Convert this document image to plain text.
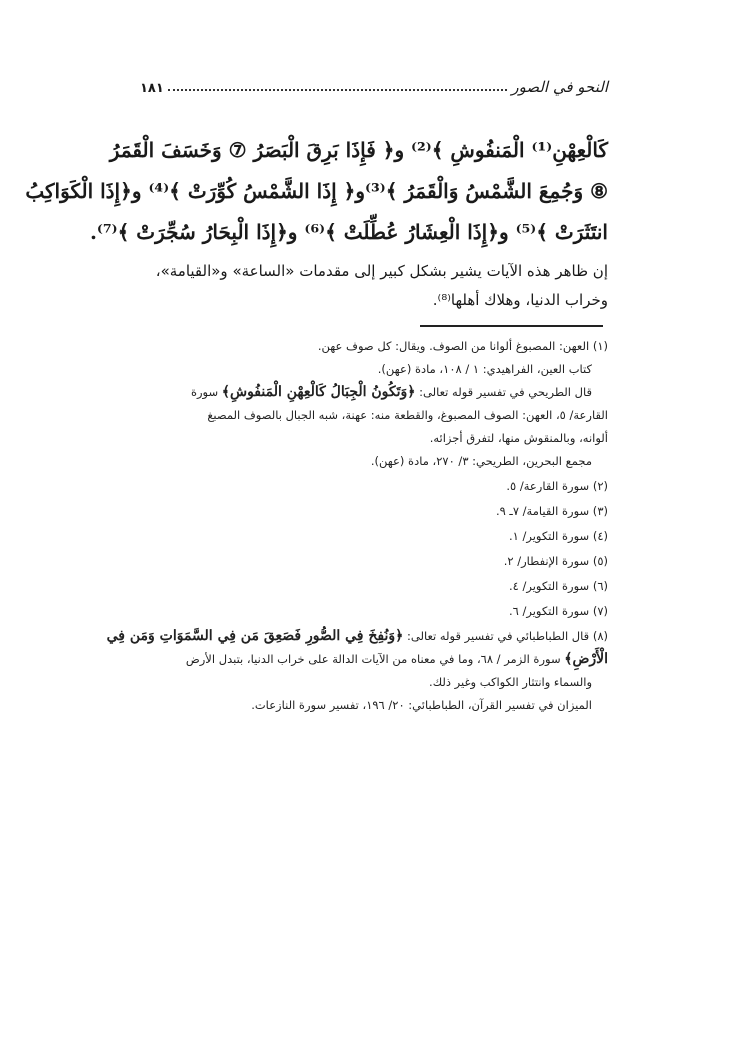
١٨١	النحو في الصور
كَالْعِهْنِ⁽¹⁾ الْمَنفُوشِ ﴾⁽²⁾ و﴿ فَإِذَا بَرِقَ الْبَصَرُ ⑦ وَخَسَفَ الْقَمَرُ
⑧ وَجُمِعَ الشَّمْسُ وَالْقَمَرُ ﴾⁽³⁾و﴿ إِذَا الشَّمْسُ كُوِّرَتْ ﴾⁽⁴⁾ و﴿إِذَا الْكَوَاكِبُ
انتَثَرَتْ ﴾⁽⁵⁾ و﴿إِذَا الْعِشَارُ عُطِّلَتْ ﴾⁽⁶⁾ و﴿إِذَا الْبِحَارُ سُجِّرَتْ ﴾⁽⁷⁾.

إن ظاهر هذه الآيات يشير بشكل كبير إلى مقدمات «الساعة» و«القيامة»،

وخراب الدنيا، وهلاك أهلها⁽⁸⁾.

(١) العهن: المصبوغ ألوانا من الصوف. ويقال: كل صوف عهن.

كتاب العين، الفراهيدي: ١ / ١٠٨، مادة (عهن).

قال الطريحي في تفسير قوله تعالى: ﴿وَتَكُونُ الْجِبَالُ كَالْعِهْنِ الْمَنفُوشِ﴾ سورة

القارعة/ ٥، العهن: الصوف المصبوغ، والقطعة منه: عهنة، شبه الجبال بالصوف المصبغ

ألوانه، وبالمنقوش منها، لتفرق أجزائه.

مجمع البحرين، الطريحي: ٣/ ٢٧٠، مادة (عهن).

(٢) سورة القارعة/ ٥.

(٣) سورة القيامة/ ٧ـ ٩.

(٤) سورة التكوير/ ١.

(٥) سورة الإنفطار/ ٢.

(٦) سورة التكوير/ ٤.

(٧) سورة التكوير/ ٦.

(٨) قال الطباطبائي في تفسير قوله تعالى: ﴿وَنُفِخَ فِي الصُّورِ فَصَعِقَ مَن فِي السَّمَوَاتِ وَمَن فِي

الْأَرْضِ﴾ سورة الزمر / ٦٨، وما في معناه من الآيات الدالة على خراب الدنيا، بتبدل الأرض

والسماء وانتثار الكواكب وغير ذلك.

الميزان في تفسير القرآن، الطباطبائي: ٢٠/ ١٩٦، تفسير سورة النازعات.
